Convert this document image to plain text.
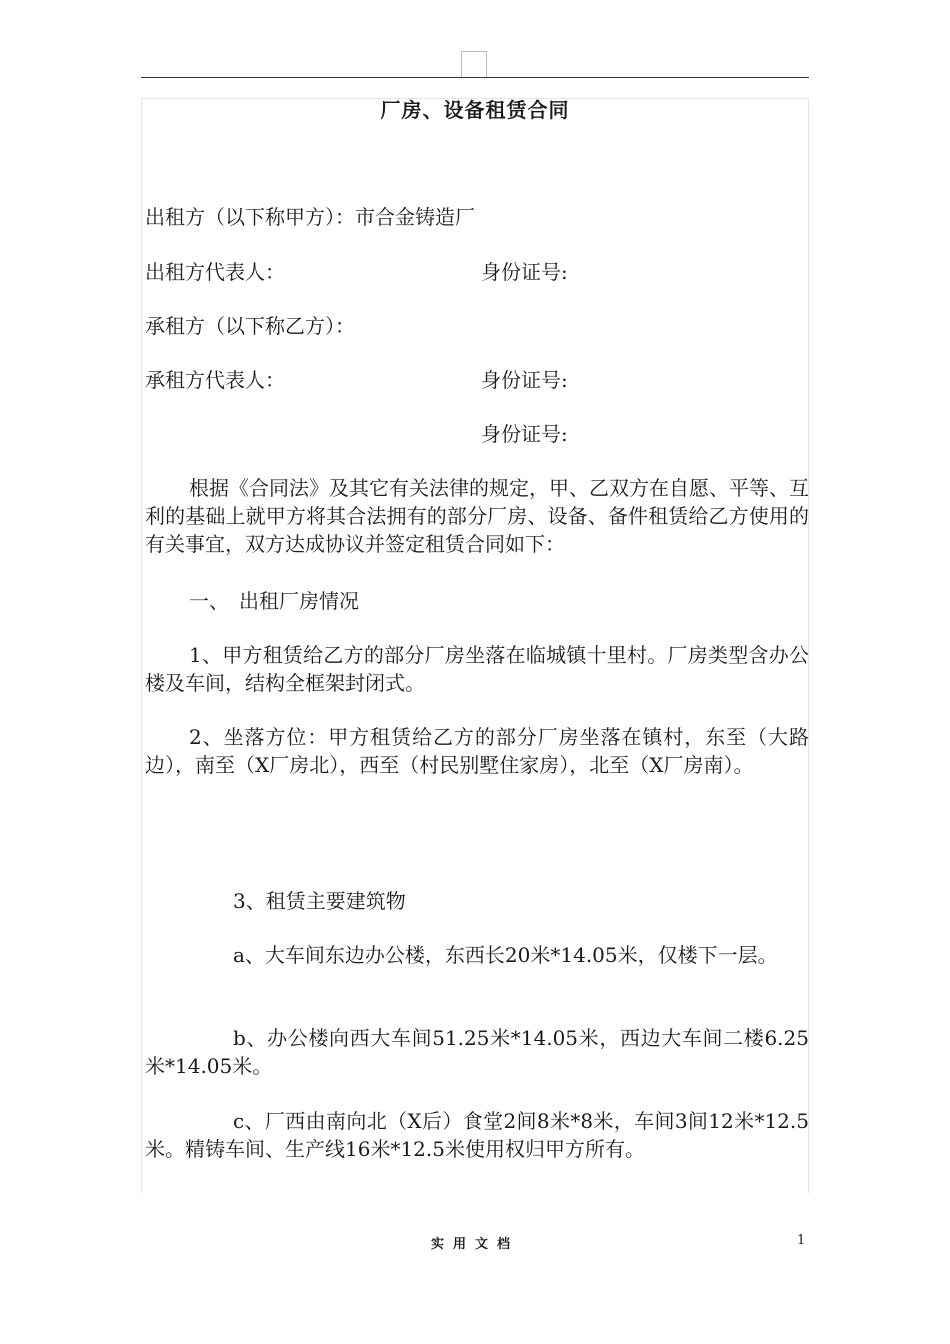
厂房、设备租赁合同
出租方（以下称甲方）：市合金铸造厂
出租方代表人：	身份证号:
承租方（以下称乙方）：
承租方代表人：	身份证号:
身份证号:
根据《合同法》及其它有关法律的规定，甲、乙双方在自愿、平等、互利的基础上就甲方将其合法拥有的部分厂房、设备、备件租赁给乙方使用的有关事宜，双方达成协议并签定租赁合同如下：
一、　出租厂房情况
1、甲方租赁给乙方的部分厂房坐落在临城镇十里村。厂房类型含办公楼及车间，结构全框架封闭式。
2、坐落方位：甲方租赁给乙方的部分厂房坐落在镇村，东至（大路边），南至（X厂房北），西至（村民别墅住家房），北至（X厂房南）。
3、租赁主要建筑物
a、大车间东边办公楼，东西长20米*14.05米，仅楼下一层。
b、办公楼向西大车间51.25米*14.05米，西边大车间二楼6.25米*14.05米。
c、厂西由南向北（X后）食堂2间8米*8米，车间3间12米*12.5米。精铸车间、生产线16米*12.5米使用权归甲方所有。
实用文档	1
